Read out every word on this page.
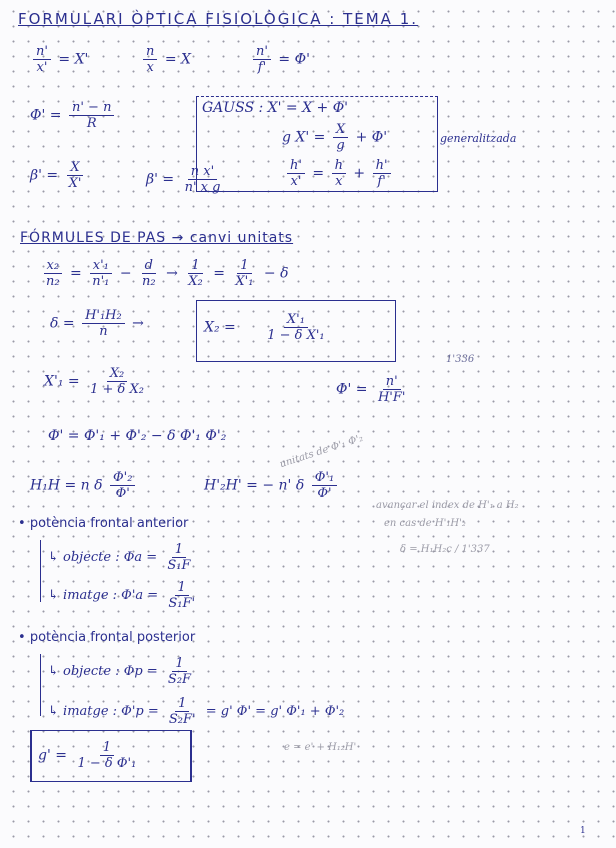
FORMULARI ÒPTICA FISIOLÒGICA : TEMA 1.
$\frac{n'}{x'} = X'$	$\frac{n}{x} = X$	$\frac{n'}{f'} = \Phi'$
$\Phi' = \frac{n' - n}{R}$	GAUSS : X' = X + Φ'
g $X' = \frac{X}{g} + \Phi'$
$\frac{h'}{x'} = \frac{h}{x} + \frac{h'}{f'}$
generalitzada
$\beta' = \frac{X}{X'}$	$\beta' = \frac{\text{n x'}}{\text{n' x g}}$
FÓRMULES DE PAS → canvi unitats
$\frac{\text{x₂}}{\text{n₂}} = \frac{\text{x'₁}}{\text{n'₁}} - \frac{d}{\text{n₂}} \to \frac{1}{\text{X₂}} = \frac{1}{\text{X'₁}} - \delta$
$\delta = \frac{\text{H'₁H₂}}{n}$ →	$X_2 = \frac{\text{X'₁}}{\text{1 − δ X'₁}}$
$X'_1 = \frac{\text{X₂}}{\text{1 + δ X₂}}$	$\Phi' = \frac{n'}{H'F'}$
1'336
Φ' = Φ'₁ + Φ'₂ − δ Φ'₁ Φ'₂
H₁H = n δ $\frac{\text{Φ'₂}}{\Phi'}$	H'₂H' = − n' δ $\frac{\text{Φ'₁}}{\Phi'}$
unitats de Φ'₁ Φ'₂
avançar el index de H'₁ a H₂
en cas de H'₁H'₂
δ = H₁H₂c / 1'337
• potència frontal anterior
↳ objecte : $\Phi a = \frac{1}{\text{S₁F}}$
↳ imatge : $\Phi'a = \frac{1}{\text{S₁F'}}$
• potència frontal posterior
↳ objecte : $\Phi p = \frac{1}{\text{S₂F}}$
↳ imatge : $\Phi'p = \frac{1}{\text{S₂F'}} = g'$ Φ' = g' Φ'₁ + Φ'₂
e = e' + H₁₂H'
$g' = \frac{1}{\text{1 − δ Φ'₁}}$
1
